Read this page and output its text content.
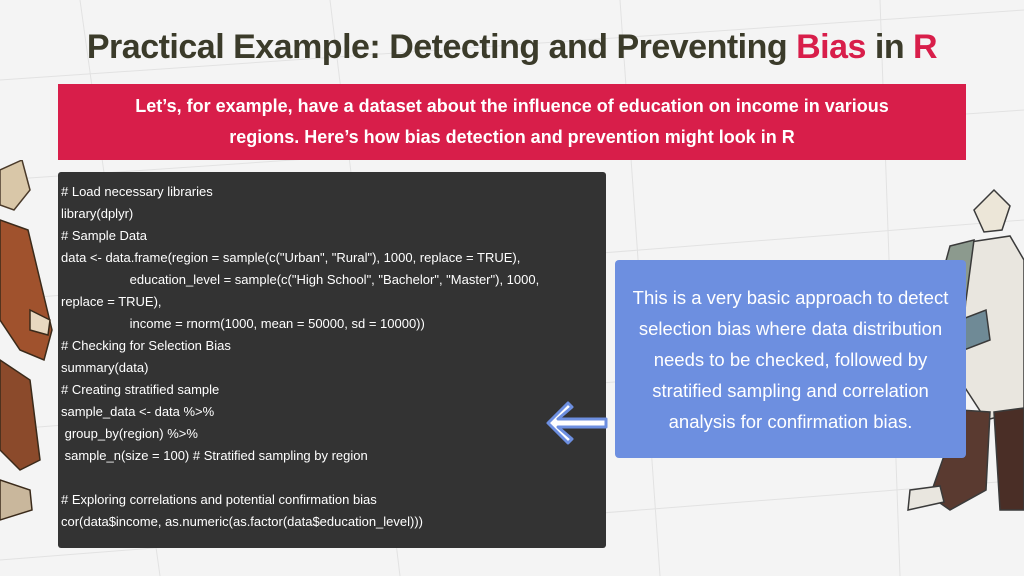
Practical Example: Detecting and Preventing Bias in R
Let’s, for example, have a dataset about the influence of education on income in various regions. Here’s how bias detection and prevention might look in R
# Load necessary libraries
library(dplyr)
# Sample Data
data <- data.frame(region = sample(c("Urban", "Rural"), 1000, replace = TRUE),
education_level = sample(c("High School", "Bachelor", "Master"), 1000,
replace = TRUE),
income = rnorm(1000, mean = 50000, sd = 10000))
# Checking for Selection Bias
summary(data)
# Creating stratified sample
sample_data <- data %>%
group_by(region) %>%
sample_n(size = 100) # Stratified sampling by region
# Exploring correlations and potential confirmation bias
cor(data$income, as.numeric(as.factor(data$education_level)))
This is a very basic approach to detect selection bias where data distribution needs to be checked, followed by stratified sampling and correlation analysis for confirmation bias.
